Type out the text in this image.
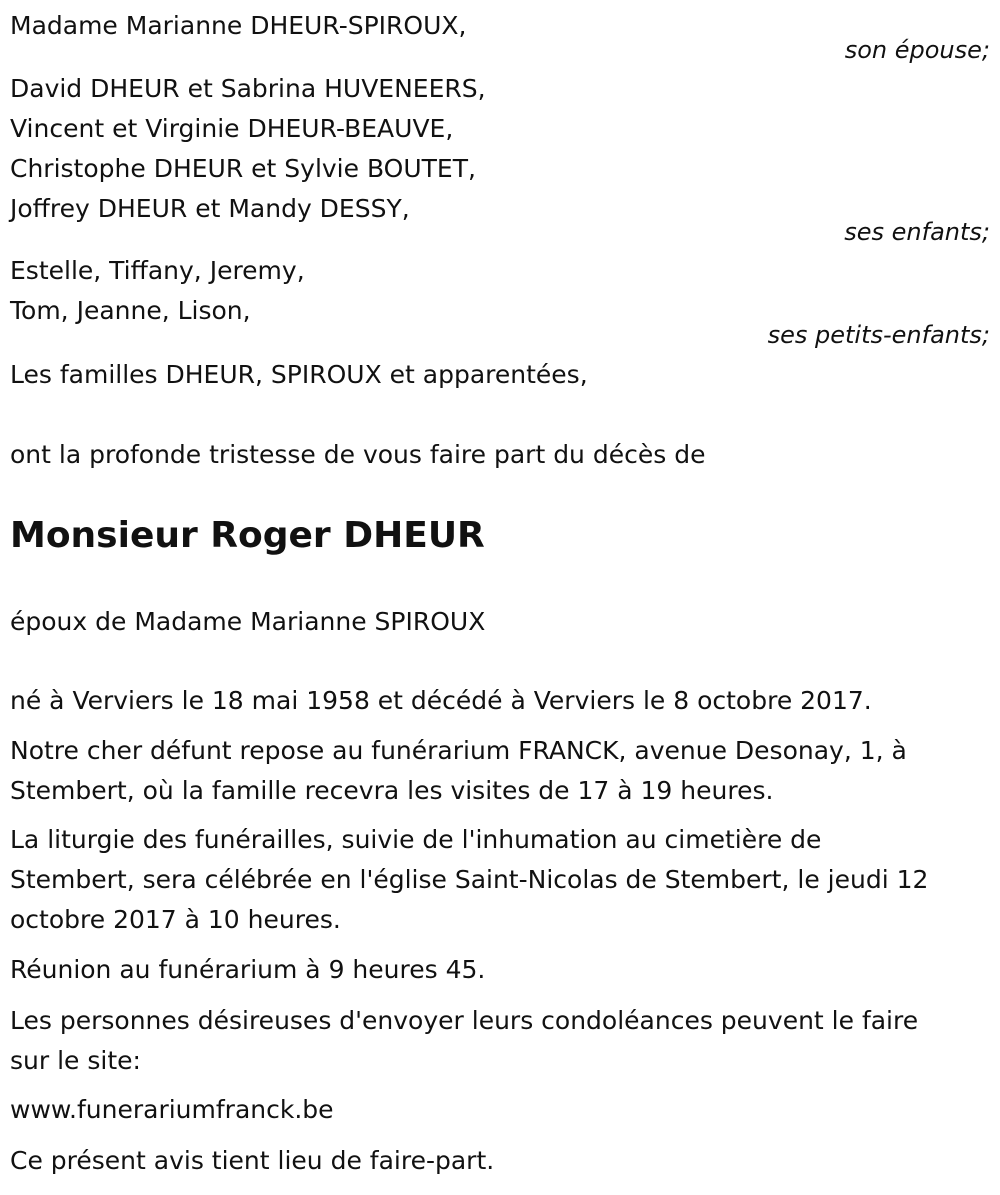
Madame Marianne DHEUR-SPIROUX,

son épouse;

David DHEUR et Sabrina HUVENEERS,

Vincent et Virginie DHEUR-BEAUVE,

Christophe DHEUR et Sylvie BOUTET,

Joffrey DHEUR et Mandy DESSY,

ses enfants;

Estelle, Tiffany, Jeremy,

Tom, Jeanne, Lison,

ses petits-enfants;

Les familles DHEUR, SPIROUX et apparentées,

ont la profonde tristesse de vous faire part du décès de

Monsieur Roger DHEUR

époux de Madame Marianne SPIROUX

né à Verviers le 18 mai 1958 et décédé à Verviers le 8 octobre 2017.

Notre cher défunt repose au funérarium FRANCK, avenue Desonay, 1, à

Stembert, où la famille recevra les visites de 17 à 19 heures.

La liturgie des funérailles, suivie de l'inhumation au cimetière de

Stembert, sera célébrée en l'église Saint-Nicolas de Stembert, le jeudi 12

octobre 2017 à 10 heures.

Réunion au funérarium à 9 heures 45.

Les personnes désireuses d'envoyer leurs condoléances peuvent le faire

sur le site:

www.funerariumfranck.be

Ce présent avis tient lieu de faire-part.
